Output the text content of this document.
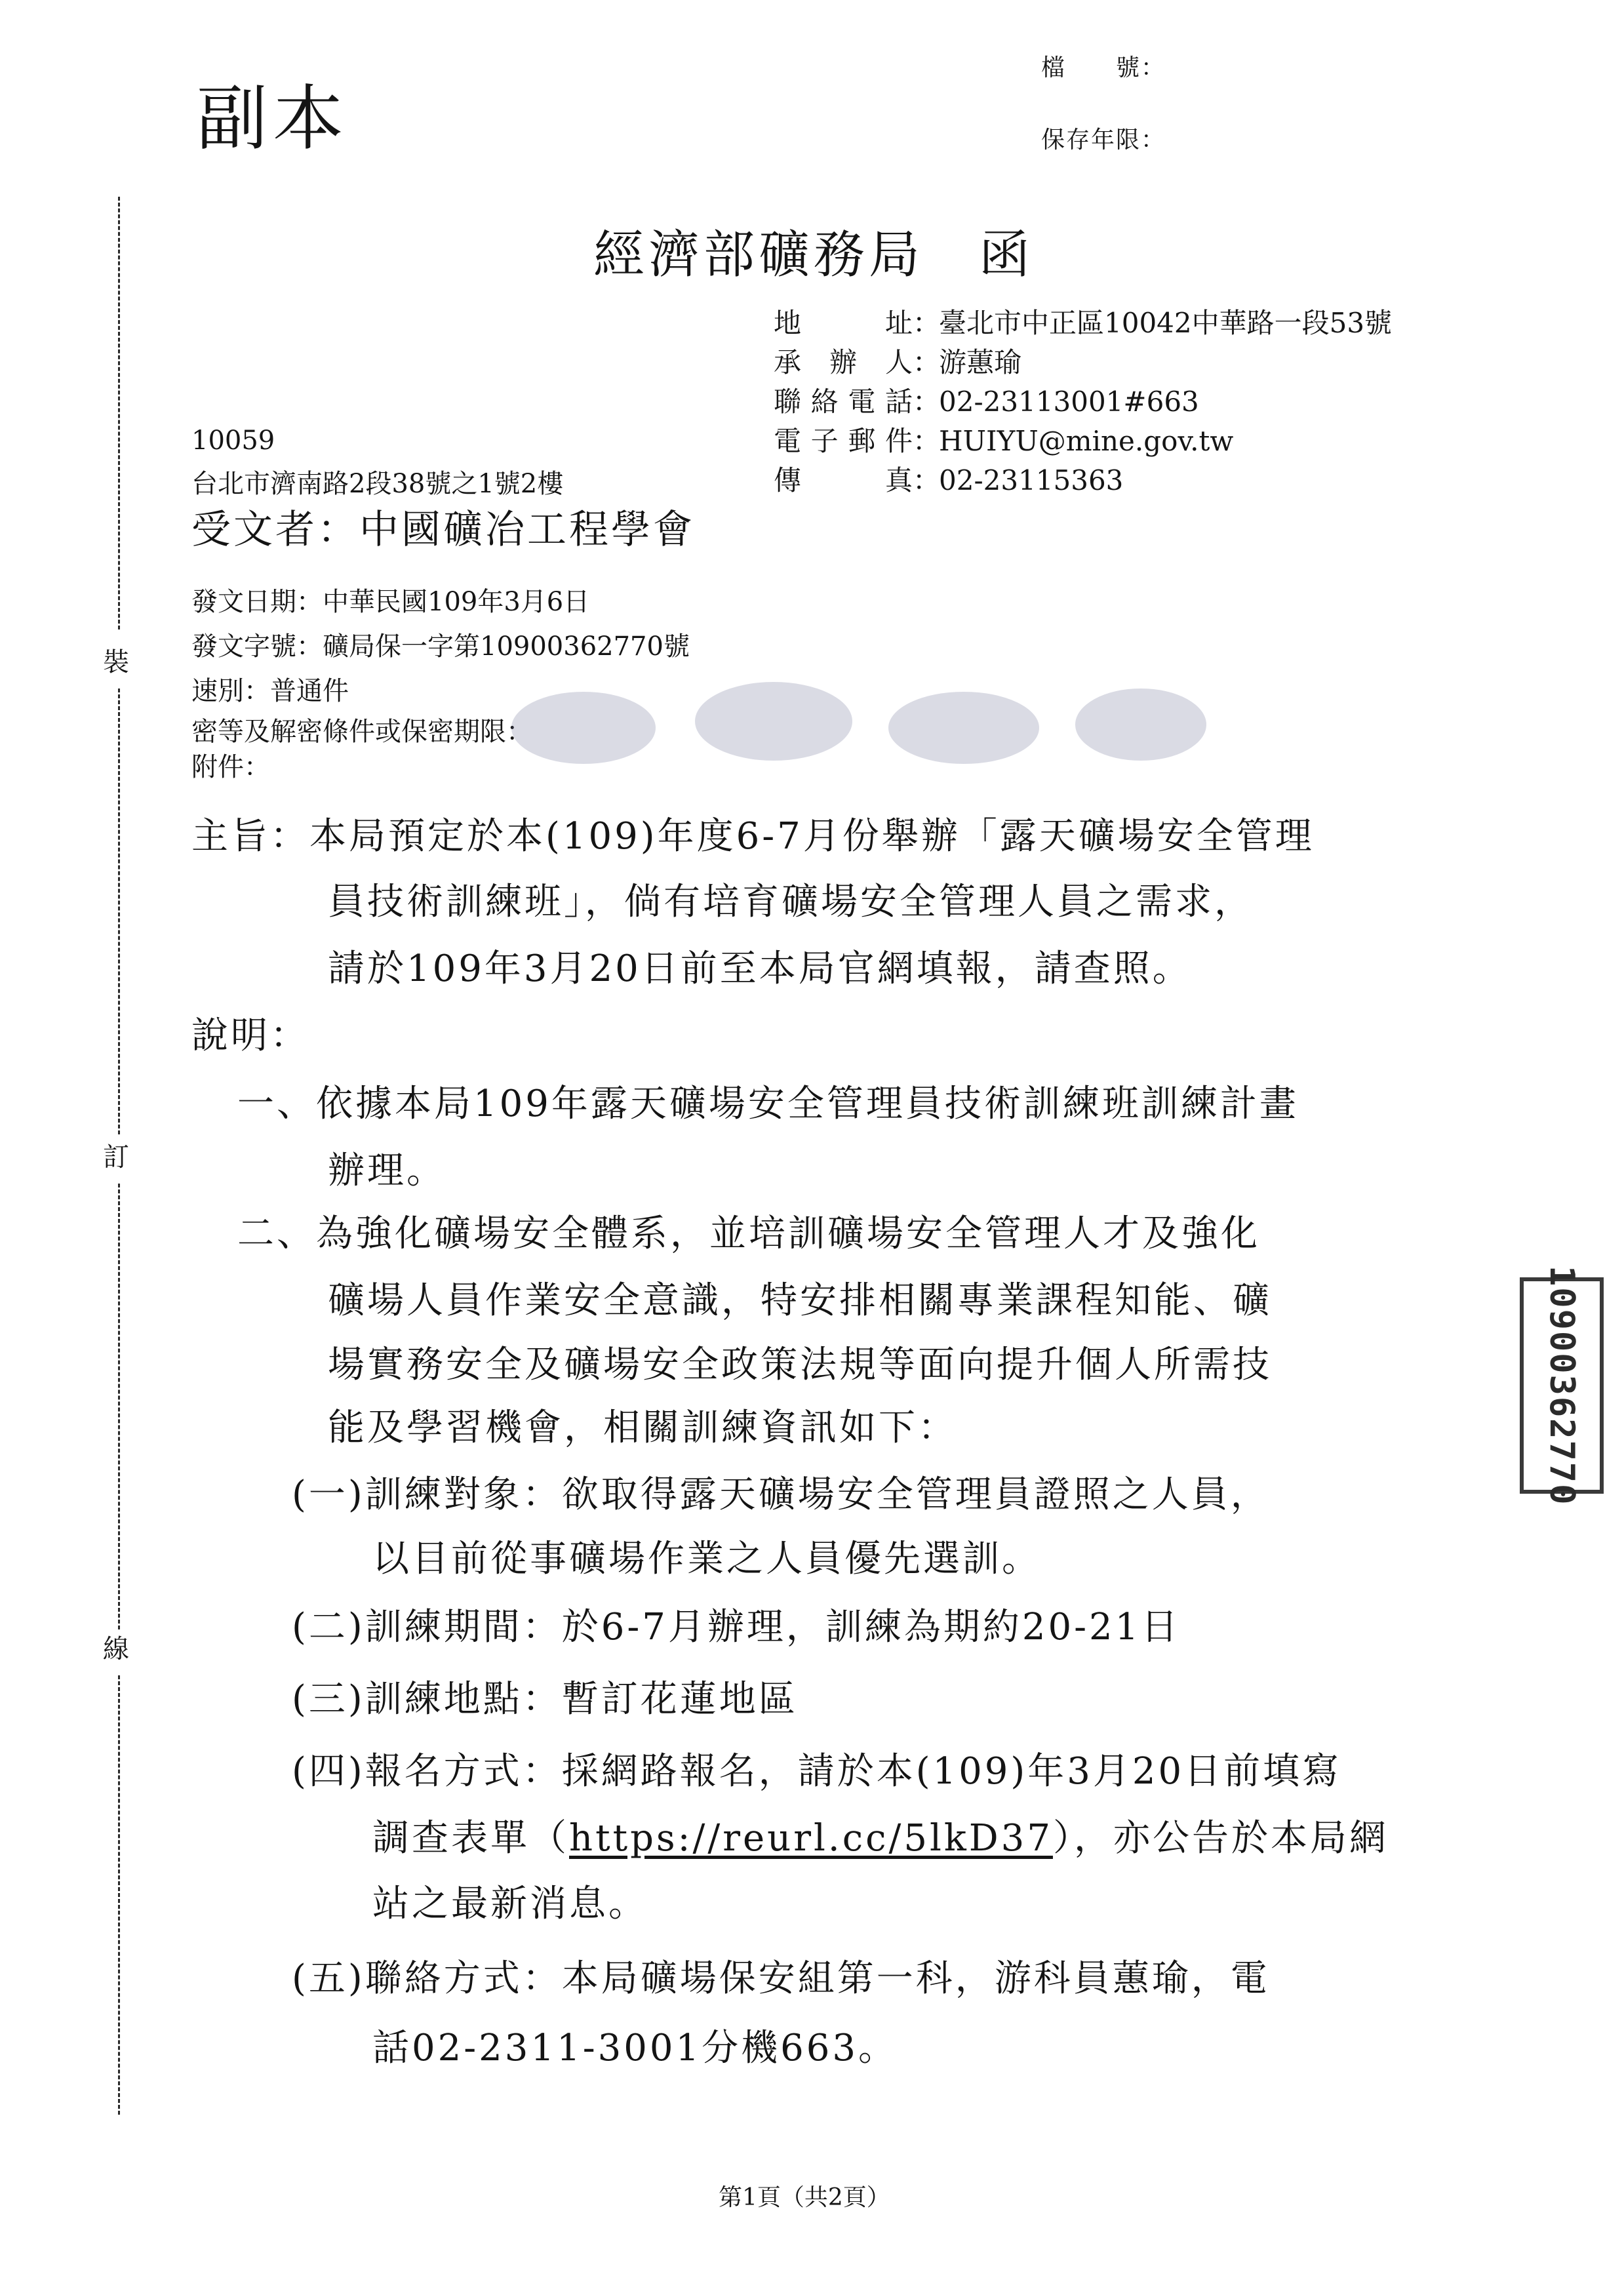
副本
檔　　號：
保存年限：
裝
訂
線
經濟部礦務局　函
地　址：臺北市中正區10042中華路一段53號
承辦人：游蕙瑜
聯絡電話：02-23113001#663
電子郵件：HUIYU@mine.gov.tw
傳　真：02-23115363
10059
台北市濟南路2段38號之1號2樓
受文者：中國礦冶工程學會
發文日期：中華民國109年3月6日
發文字號：礦局保一字第10900362770號
速別：普通件
密等及解密條件或保密期限：
附件：
主旨：本局預定於本(109)年度6-7月份舉辦「露天礦場安全管理
員技術訓練班」，倘有培育礦場安全管理人員之需求，
請於109年3月20日前至本局官網填報，請查照。
說明：
一、依據本局109年露天礦場安全管理員技術訓練班訓練計畫
辦理。
二、為強化礦場安全體系，並培訓礦場安全管理人才及強化
礦場人員作業安全意識，特安排相關專業課程知能、礦
場實務安全及礦場安全政策法規等面向提升個人所需技
能及學習機會，相關訓練資訊如下：
(一)訓練對象：欲取得露天礦場安全管理員證照之人員，
以目前從事礦場作業之人員優先選訓。
(二)訓練期間：於6-7月辦理，訓練為期約20-21日
(三)訓練地點：暫訂花蓮地區
(四)報名方式：採網路報名，請於本(109)年3月20日前填寫
調查表單（https://reurl.cc/5lkD37），亦公告於本局網
站之最新消息。
(五)聯絡方式：本局礦場保安組第一科，游科員蕙瑜，電
話02-2311-3001分機663。
10900362770
第1頁（共2頁）
